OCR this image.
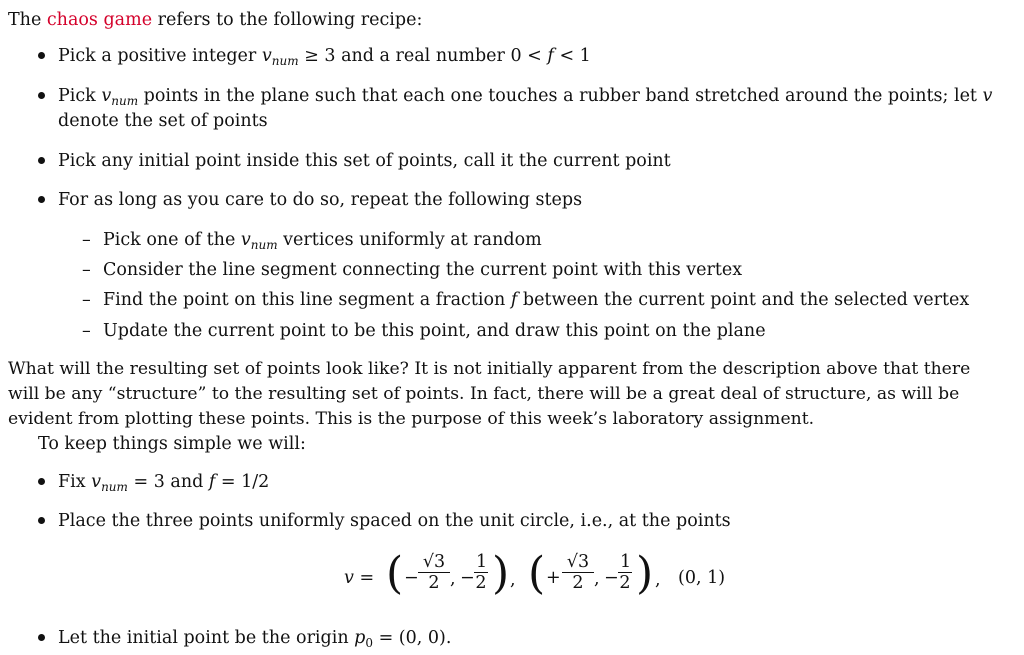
The chaos game refers to the following recipe:
Pick a positive integer $v_{num} \ge 3$ and a real number 0 < f < 1
Pick $v_{num}$ points in the plane such that each one touches a rubber band stretched around the points; let v
denote the set of points
Pick any initial point inside this set of points, call it the current point
For as long as you care to do so, repeat the following steps
– Pick one of the $v_{num}$ vertices uniformly at random
– Consider the line segment connecting the current point with this vertex
– Find the point on this line segment a fraction f between the current point and the selected vertex
– Update the current point to be this point, and draw this point on the plane
What will the resulting set of points look like? It is not initially apparent from the description above that there
will be any “structure” to the resulting set of points. In fact, there will be a great deal of structure, as will be
evident from plotting these points. This is the purpose of this week’s laboratory assignment.
To keep things simple we will:
Fix $v_{num} = 3$ and f = 1/2
Place the three points uniformly spaced on the unit circle, i.e., at the points
v = ( − $\frac{√3}{2}$ , − $\frac{1}{2}$ ) , ( + $\frac{√3}{2}$ , − $\frac{1}{2}$ ) , (0, 1)
Let the initial point be the origin $p_0 = (0$, 0).
